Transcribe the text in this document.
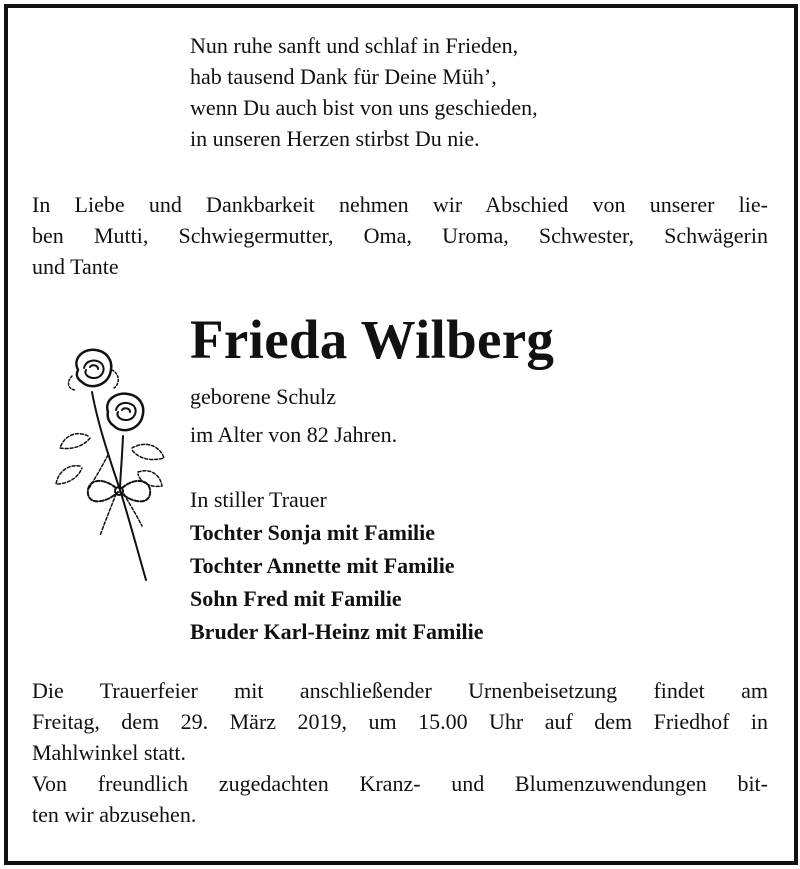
Nun ruhe sanft und schlaf in Frieden,
hab tausend Dank für Deine Müh’,
wenn Du auch bist von uns geschieden,
in unseren Herzen stirbst Du nie.
In Liebe und Dankbarkeit nehmen wir Abschied von unserer lie-
ben Mutti, Schwiegermutter, Oma, Uroma, Schwester, Schwägerin
und Tante
Frieda Wilberg
geborene Schulz
im Alter von 82 Jahren.
In stiller Trauer
Tochter Sonja mit Familie
Tochter Annette mit Familie
Sohn Fred mit Familie
Bruder Karl-Heinz mit Familie
Die Trauerfeier mit anschließender Urnenbeisetzung findet am
Freitag, dem 29. März 2019, um 15.00 Uhr auf dem Friedhof in
Mahlwinkel statt.
Von freundlich zugedachten Kranz- und Blumenzuwendungen bit-
ten wir abzusehen.
